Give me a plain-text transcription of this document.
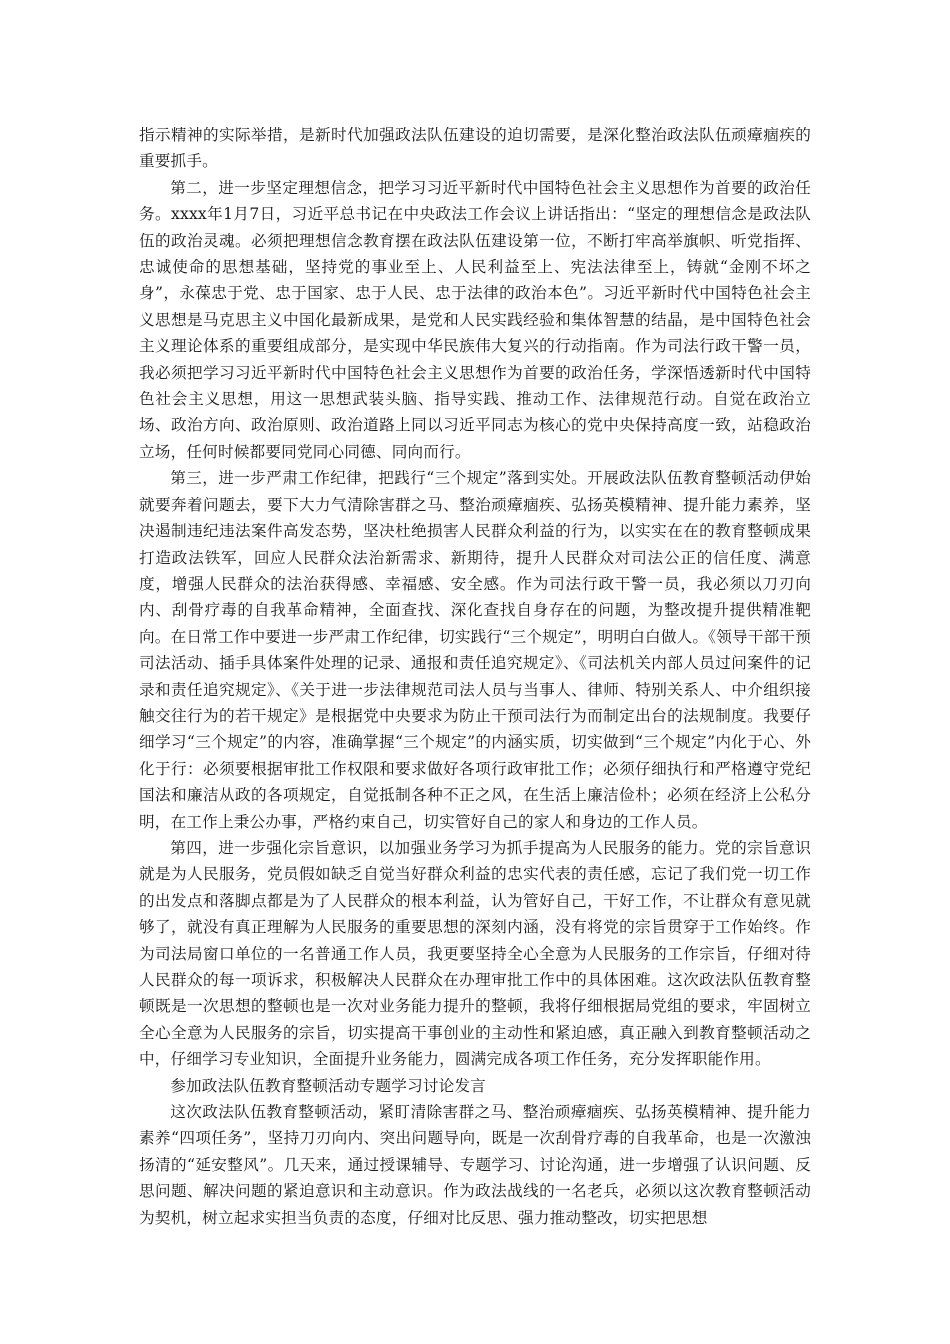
指示精神的实际举措，是新时代加强政法队伍建设的迫切需要，是深化整治政法队伍顽瘴痼疾的重要抓手。

第二，进一步坚定理想信念，把学习习近平新时代中国特色社会主义思想作为首要的政治任务。xxxx年1月7日，习近平总书记在中央政法工作会议上讲话指出：“坚定的理想信念是政法队伍的政治灵魂。必须把理想信念教育摆在政法队伍建设第一位，不断打牢高举旗帜、听党指挥、忠诚使命的思想基础，坚持党的事业至上、人民利益至上、宪法法律至上，铸就“金刚不坏之身”，永葆忠于党、忠于国家、忠于人民、忠于法律的政治本色”。习近平新时代中国特色社会主义思想是马克思主义中国化最新成果，是党和人民实践经验和集体智慧的结晶，是中国特色社会主义理论体系的重要组成部分，是实现中华民族伟大复兴的行动指南。作为司法行政干警一员，我必须把学习习近平新时代中国特色社会主义思想作为首要的政治任务，学深悟透新时代中国特色社会主义思想，用这一思想武装头脑、指导实践、推动工作、法律规范行动。自觉在政治立场、政治方向、政治原则、政治道路上同以习近平同志为核心的党中央保持高度一致，站稳政治立场，任何时候都要同党同心同德、同向而行。

第三，进一步严肃工作纪律，把践行“三个规定”落到实处。开展政法队伍教育整顿活动伊始就要奔着问题去，要下大力气清除害群之马、整治顽瘴痼疾、弘扬英模精神、提升能力素养，坚决遏制违纪违法案件高发态势，坚决杜绝损害人民群众利益的行为，以实实在在的教育整顿成果打造政法铁军，回应人民群众法治新需求、新期待，提升人民群众对司法公正的信任度、满意度，增强人民群众的法治获得感、幸福感、安全感。作为司法行政干警一员，我必须以刀刃向内、刮骨疗毒的自我革命精神，全面查找、深化查找自身存在的问题，为整改提升提供精准靶向。在日常工作中要进一步严肃工作纪律，切实践行“三个规定”，明明白白做人。《领导干部干预司法活动、插手具体案件处理的记录、通报和责任追究规定》、《司法机关内部人员过问案件的记录和责任追究规定》、《关于进一步法律规范司法人员与当事人、律师、特别关系人、中介组织接触交往行为的若干规定》是根据党中央要求为防止干预司法行为而制定出台的法规制度。我要仔细学习“三个规定”的内容，准确掌握“三个规定”的内涵实质，切实做到“三个规定”内化于心、外化于行：必须要根据审批工作权限和要求做好各项行政审批工作；必须仔细执行和严格遵守党纪国法和廉洁从政的各项规定，自觉抵制各种不正之风，在生活上廉洁俭朴；必须在经济上公私分明，在工作上秉公办事，严格约束自己，切实管好自己的家人和身边的工作人员。

第四，进一步强化宗旨意识，以加强业务学习为抓手提高为人民服务的能力。党的宗旨意识就是为人民服务，党员假如缺乏自觉当好群众利益的忠实代表的责任感，忘记了我们党一切工作的出发点和落脚点都是为了人民群众的根本利益，认为管好自己，干好工作，不让群众有意见就够了，就没有真正理解为人民服务的重要思想的深刻内涵，没有将党的宗旨贯穿于工作始终。作为司法局窗口单位的一名普通工作人员，我更要坚持全心全意为人民服务的工作宗旨，仔细对待人民群众的每一项诉求，积极解决人民群众在办理审批工作中的具体困难。这次政法队伍教育整顿既是一次思想的整顿也是一次对业务能力提升的整顿，我将仔细根据局党组的要求，牢固树立全心全意为人民服务的宗旨，切实提高干事创业的主动性和紧迫感，真正融入到教育整顿活动之中，仔细学习专业知识，全面提升业务能力，圆满完成各项工作任务，充分发挥职能作用。

参加政法队伍教育整顿活动专题学习讨论发言

这次政法队伍教育整顿活动，紧盯清除害群之马、整治顽瘴痼疾、弘扬英模精神、提升能力素养“四项任务”，坚持刀刃向内、突出问题导向，既是一次刮骨疗毒的自我革命，也是一次激浊扬清的“延安整风”。几天来，通过授课辅导、专题学习、讨论沟通，进一步增强了认识问题、反思问题、解决问题的紧迫意识和主动意识。作为政法战线的一名老兵，必须以这次教育整顿活动为契机，树立起求实担当负责的态度，仔细对比反思、强力推动整改，切实把思想
